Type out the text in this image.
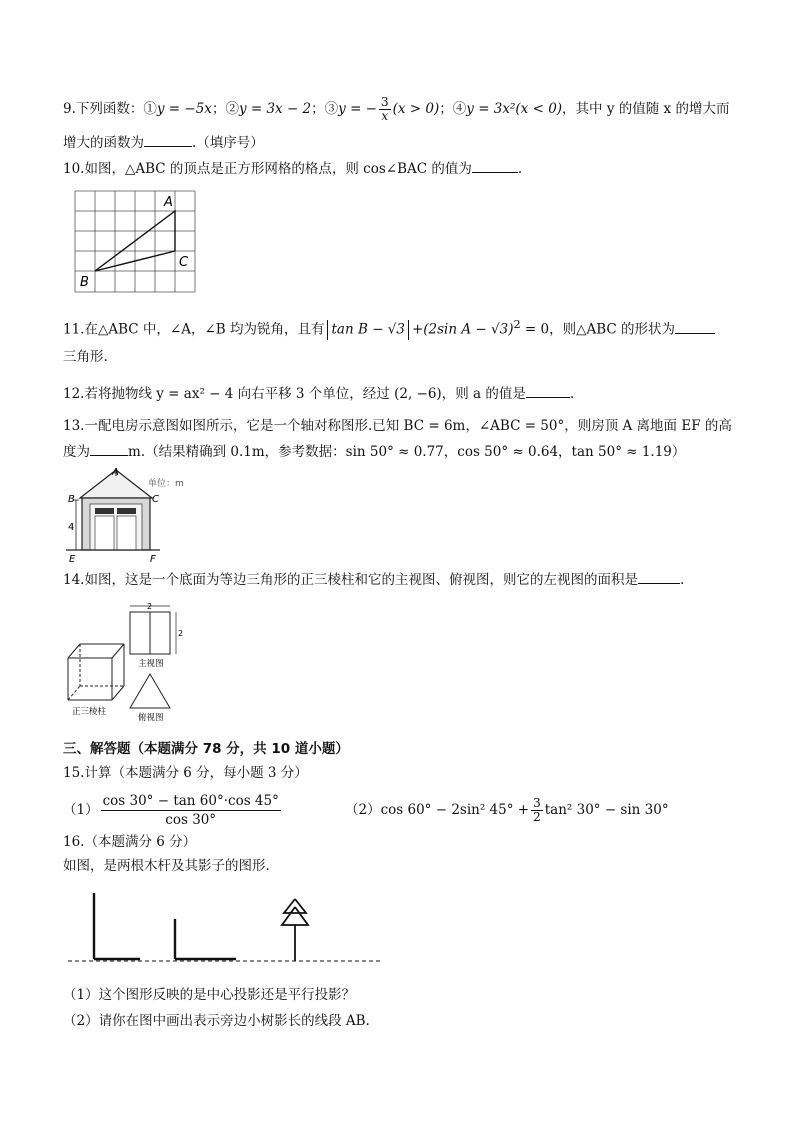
9.下列函数：①y = −5x；②y = 3x − 2；③y = − $\frac{3}{x} (x > 0)$；④y = 3x²(x < 0)，其中 y 的值随 x 的增大而
增大的函数为	.（填序号）
10.如图，△ABC 的顶点是正方形网格的格点，则 cos∠BAC 的值为	.
A
C
B
11.在△ABC 中，∠A，∠B 均为锐角，且有 tan B − √3 +(2sin A − √3)$^2$ = 0，则△ABC 的形状为
三角形.
12.若将抛物线 y = ax² − 4 向右平移 3 个单位，经过 (2, −6)，则 a 的值是	.
13.一配电房示意图如图所示，它是一个轴对称图形.已知 BC = 6m，∠ABC = 50°，则房顶 A 离地面 EF 的高
度为	m.（结果精确到 0.1m，参考数据：sin 50° ≈ 0.77，cos 50° ≈ 0.64，tan 50° ≈ 1.19）
4
A
B	C
E	F
单位：m
14.如图，这是一个底面为等边三角形的正三棱柱和它的主视图、俯视图，则它的左视图的面积是	.
正三棱柱
2
2
主视图
俯视图
三、解答题（本题满分 78 分，共 10 道小题）
15.计算（本题满分 6 分，每小题 3 分）
$(1) \frac{\cos 30^\circ - \tan 60^\circ\cdot\cos 45^\circ}{\cos 30^\circ}$	（2）cos 60° − 2sin² $45^\circ + \frac{3}{2} \tan^2$ 30° − sin 30°
16.（本题满分 6 分）
如图，是两根木杆及其影子的图形.
（1）这个图形反映的是中心投影还是平行投影？
（2）请你在图中画出表示旁边小树影长的线段 AB.
